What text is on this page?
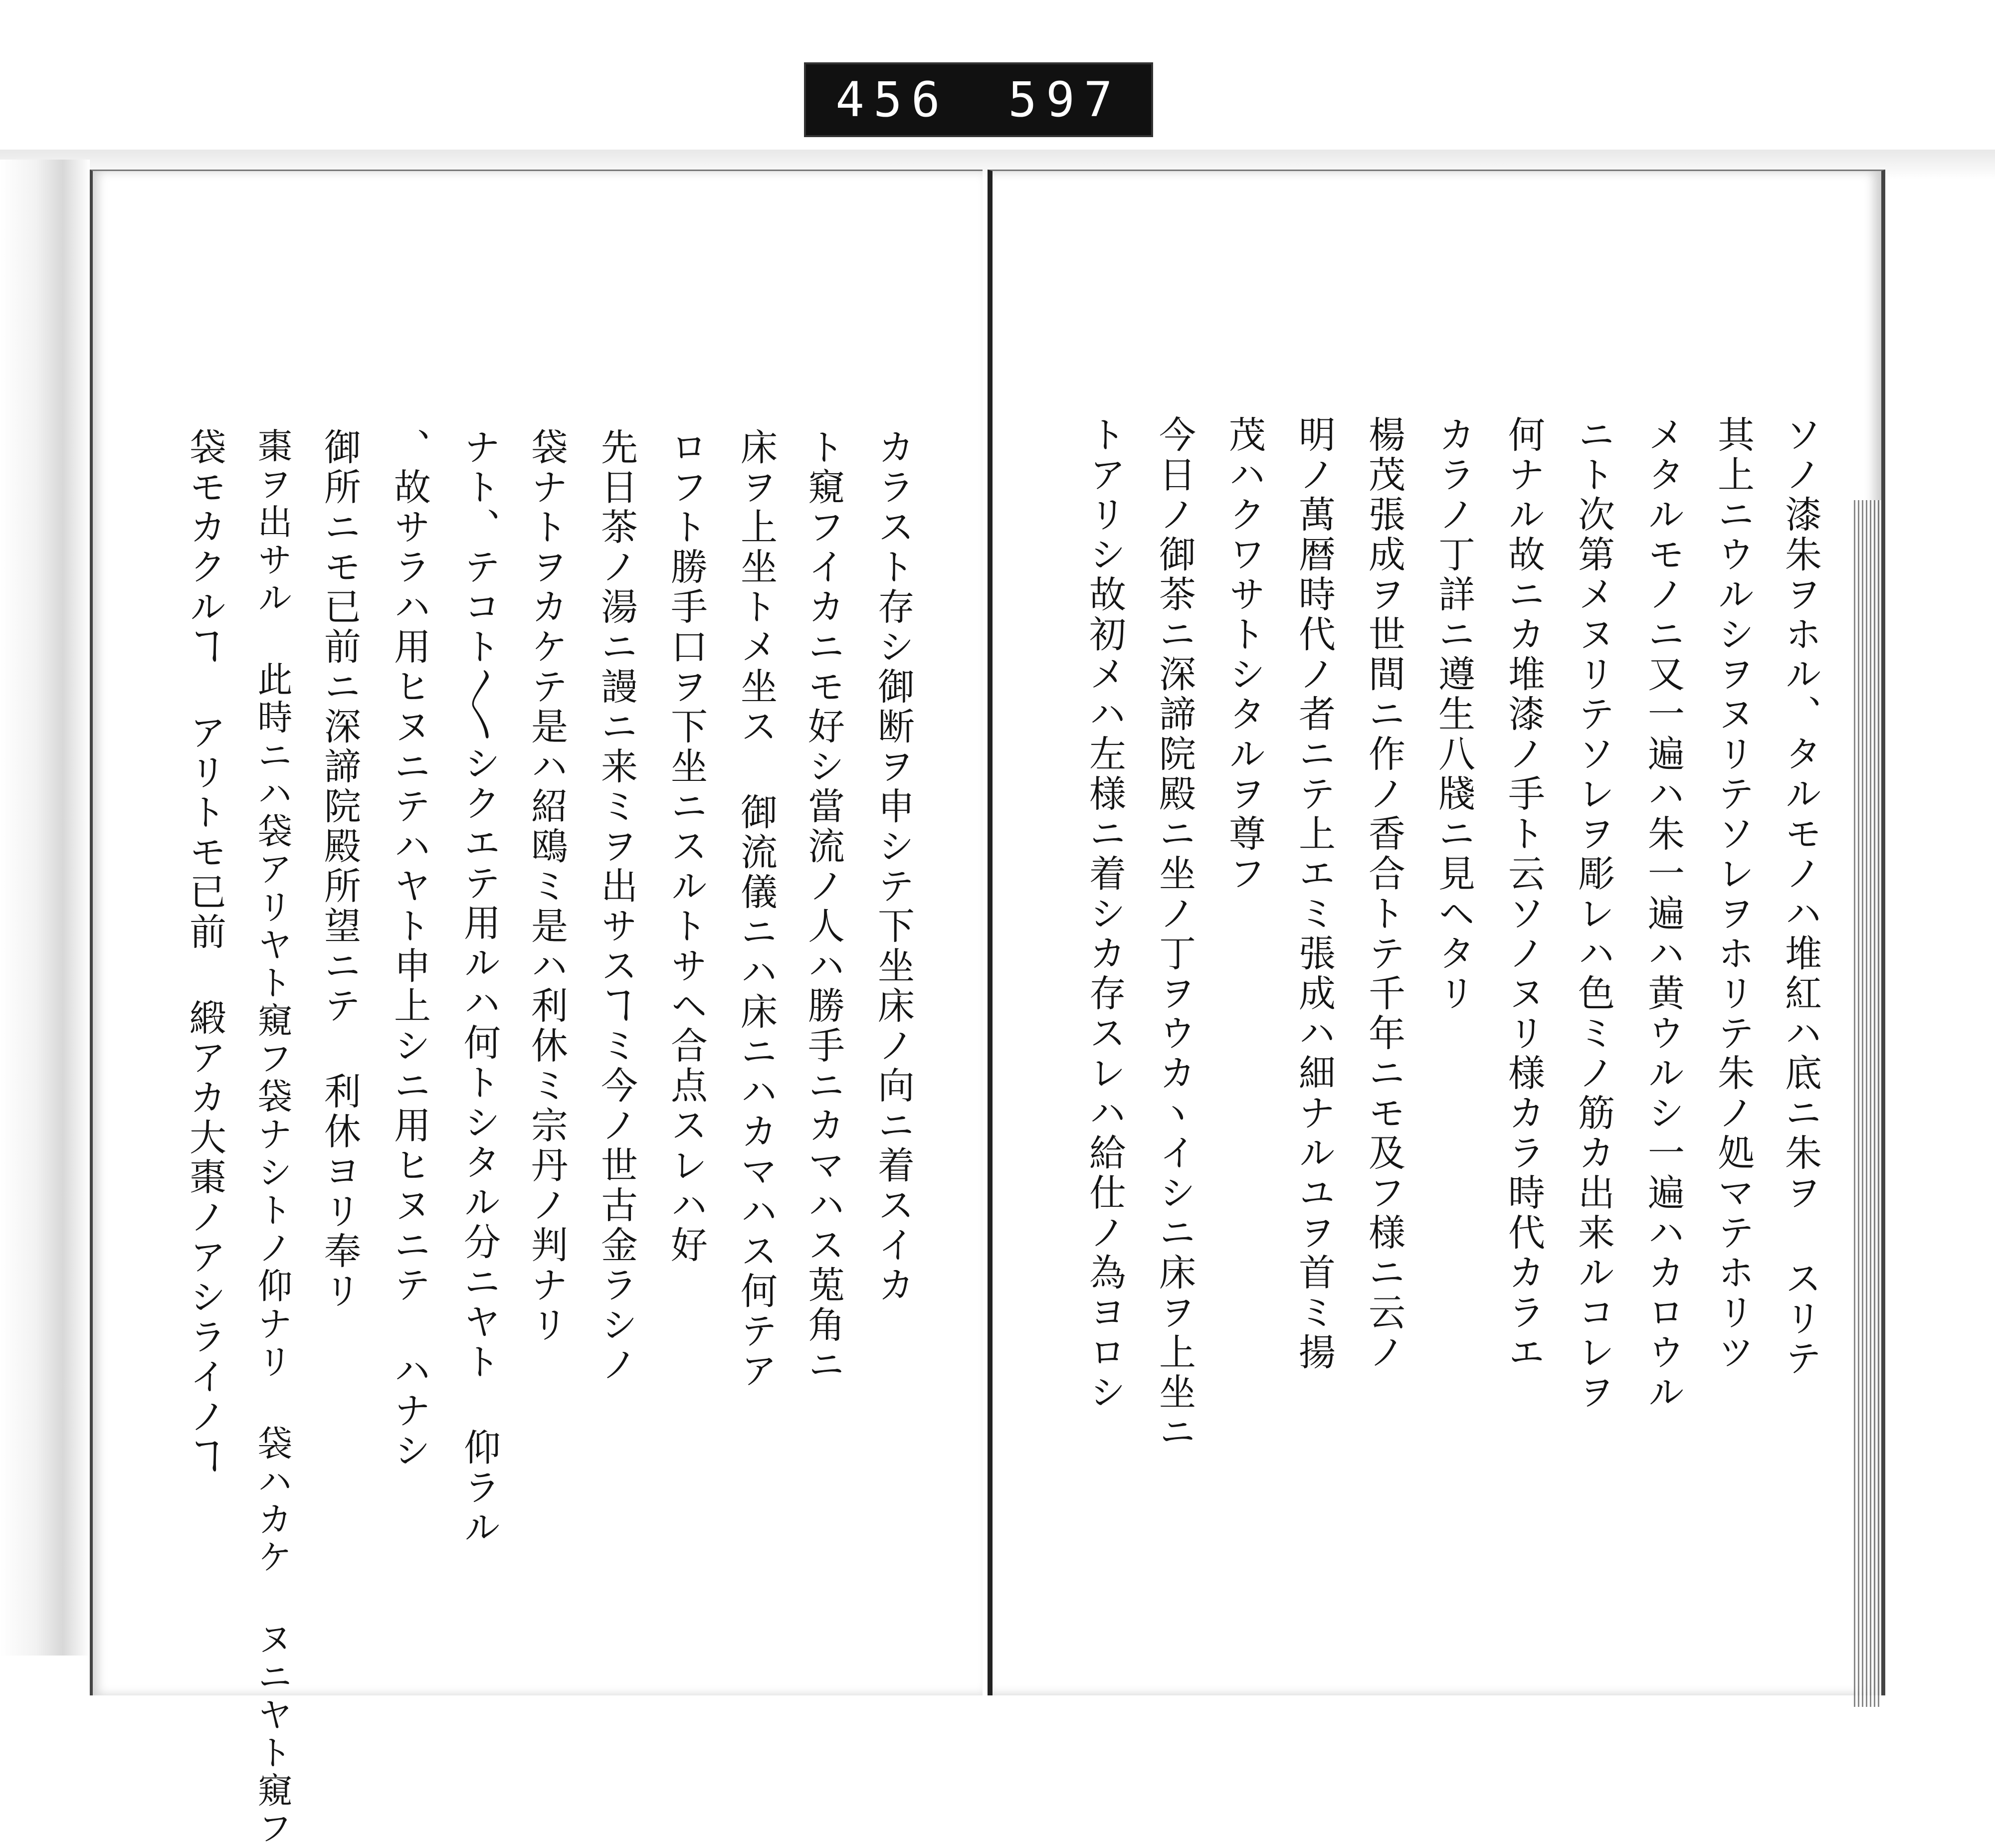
456 597
カラスト存シ御断ヲ申シテ下坐床ノ向ニ着スイカ
ト窺フイカニモ好シ當流ノ人ハ勝手ニカマハス莵角ニ
床ヲ上坐トメ坐ス 御流儀ニハ床ニハカマハス何テア
ロフト勝手口ヲ下坐ニスルトサヘ合点スレハ好
先日茶ノ湯ニ謾ニ来ミヲ出サスヿミ今ノ世古金ラシノ
袋ナトヲカケテ是ハ紹鴎ミ是ハ利休ミ宗丹ノ判ナリ
ナト、テコト〳〵シクエテ用ルハ何トシタル分ニヤト 仰ラル
、故サラハ用ヒヌニテハヤト申上シニ用ヒヌニテ ハナシ
御所ニモ已前ニ深諦院殿所望ニテ 利休ヨリ奉リ
棗ヲ出サル 此時ニハ袋アリヤト窺フ袋ナシトノ仰ナリ 袋ハカケ ヌニヤト窺フ
袋モカクルヿ アリトモ已前 緞アカ大棗ノアシライノヿ	ソノ漆朱ヲホル、タルモノハ堆紅ハ底ニ朱ヲ スリテ
其上ニウルシヲヌリテソレヲホリテ朱ノ処マテホリツ
メタルモノニ又一遍ハ朱一遍ハ黄ウルシ一遍ハカロウル
ニト次第メヌリテソレヲ彫レハ色ミノ筋カ出来ルコレヲ
何ナル故ニカ堆漆ノ手ト云ソノヌリ様カラ時代カラエ
カラノ丁詳ニ遵生八牋ニ見ヘタリ
楊茂張成ヲ世間ニ作ノ香合トテ千年ニモ及フ様ニ云ノ
明ノ萬暦時代ノ者ニテ上エミ張成ハ細ナルユヲ首ミ揚
茂ハクワサトシタルヲ尊フ
今日ノ御茶ニ深諦院殿ニ坐ノ丁ヲウカヽイシニ床ヲ上坐ニ
トアリシ故初メハ左様ニ着シカ存スレハ給仕ノ為ヨロシ
